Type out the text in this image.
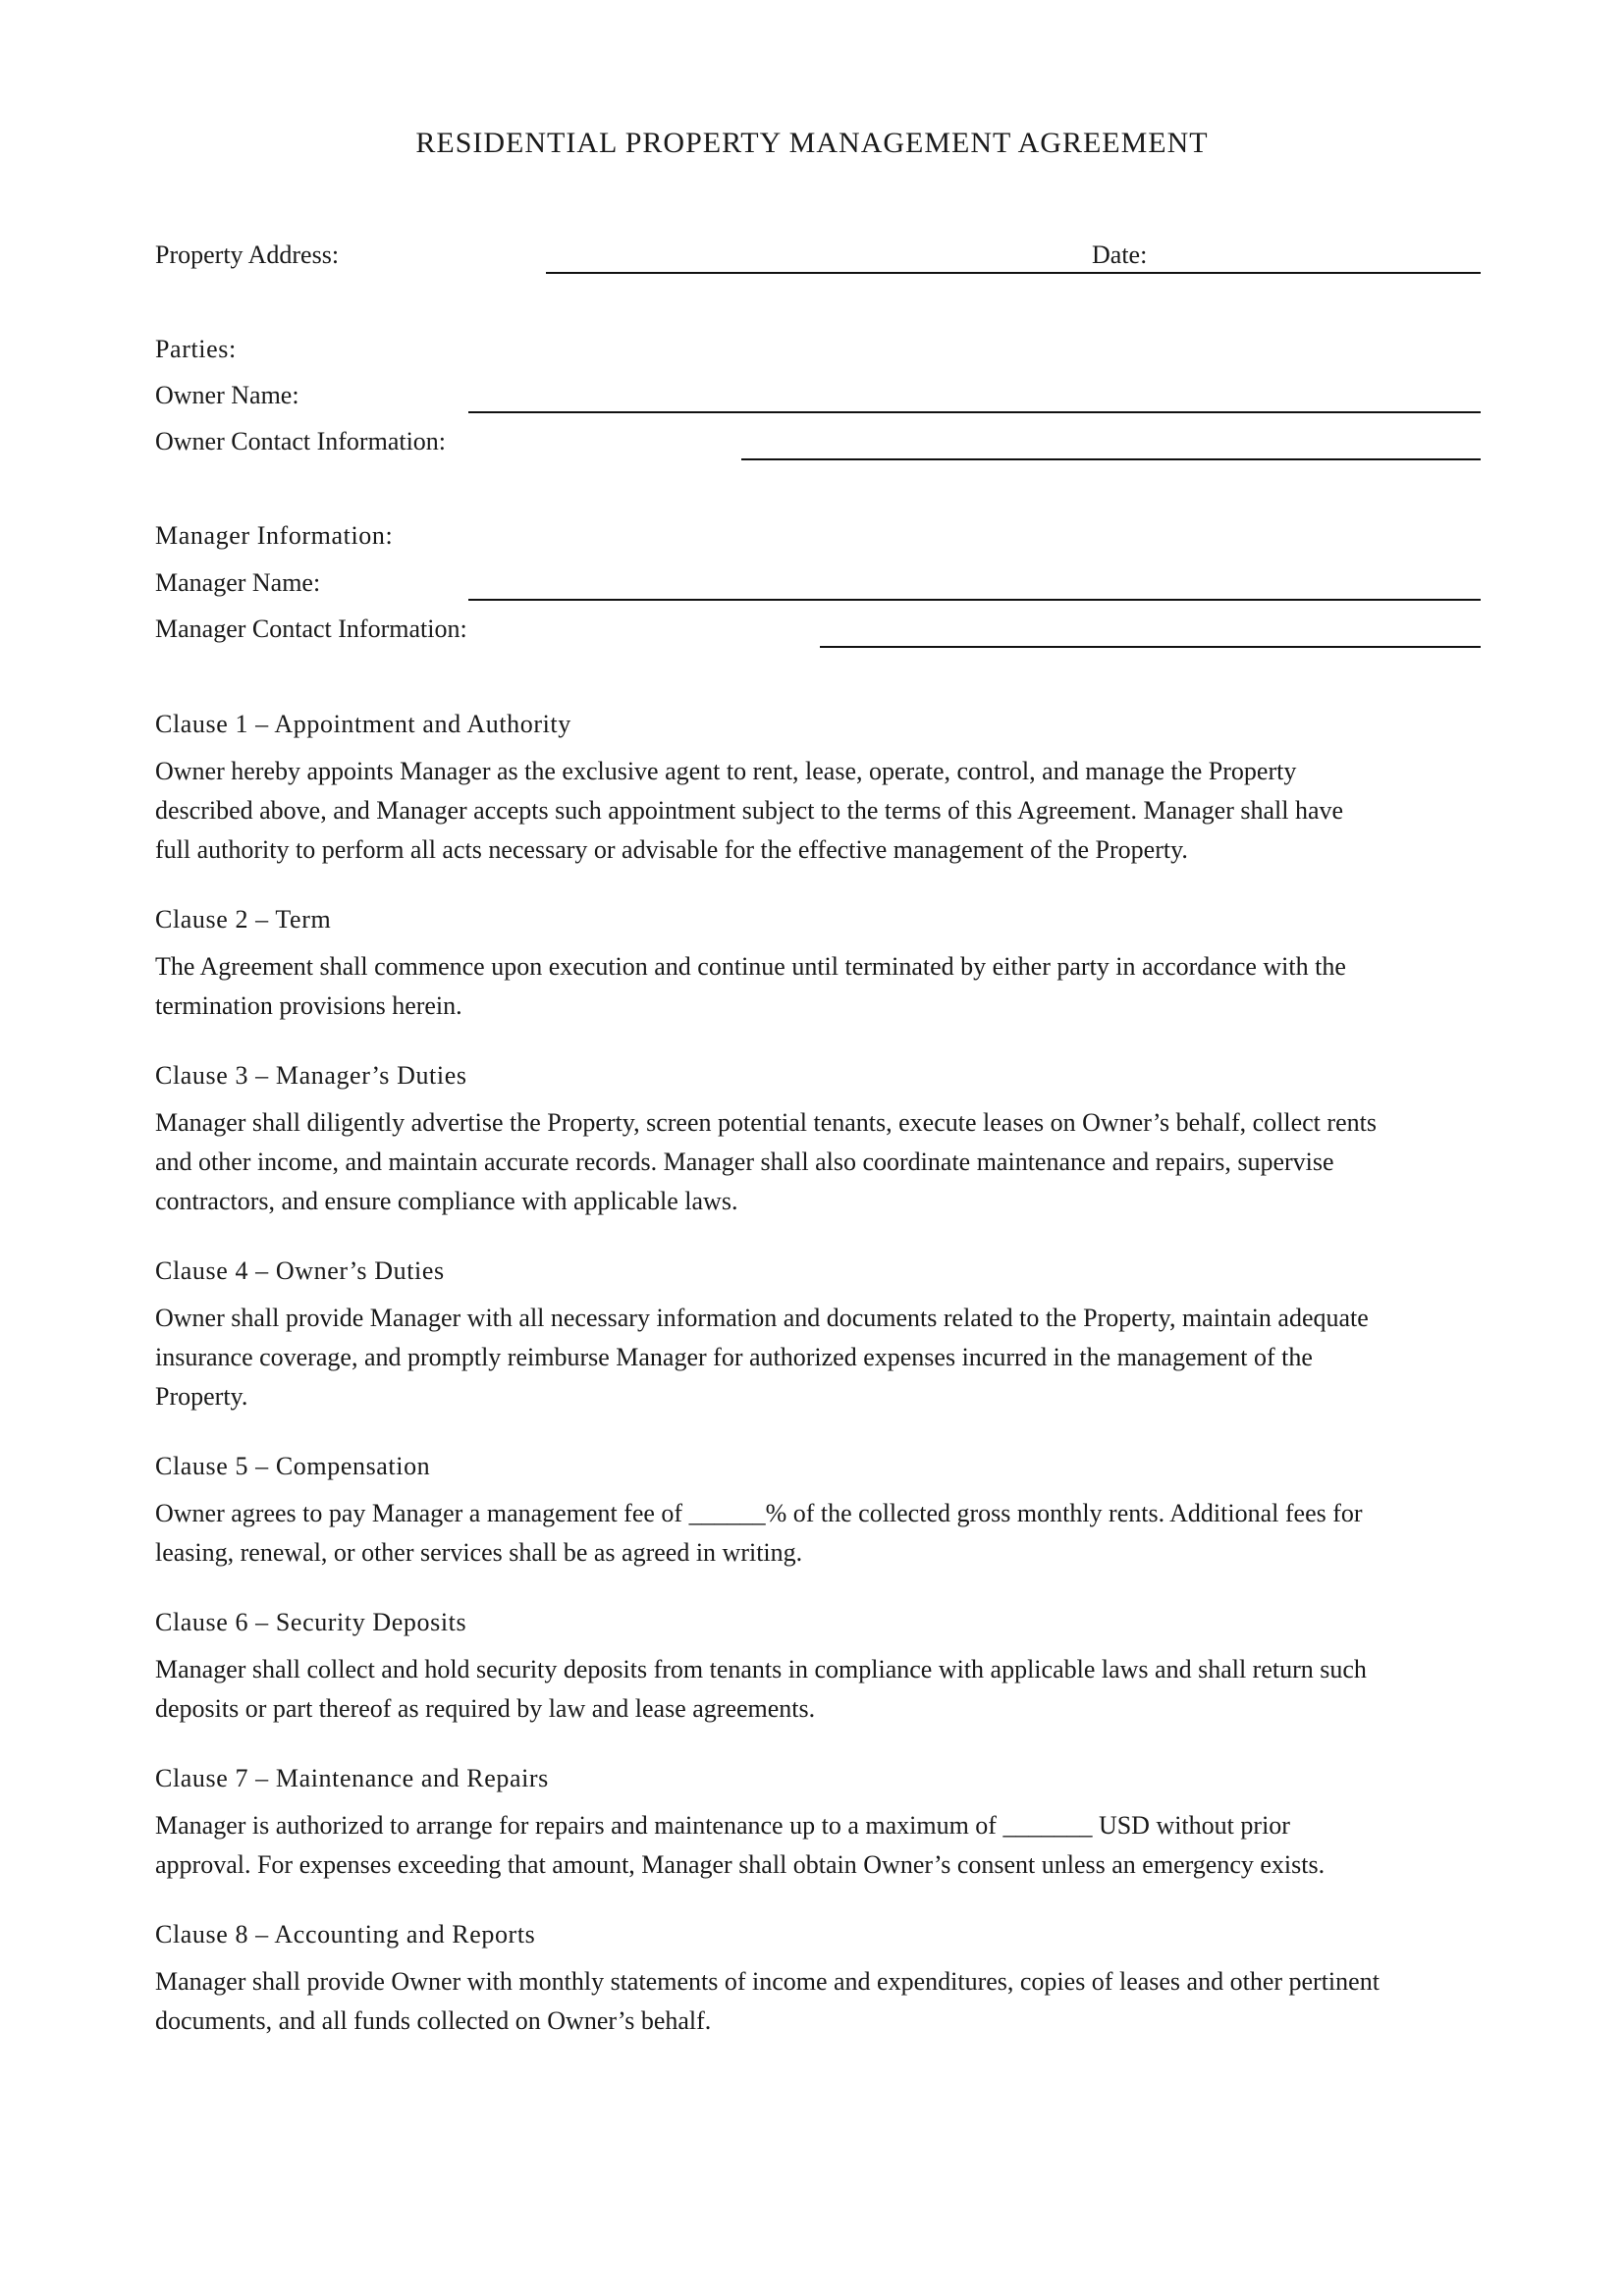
RESIDENTIAL PROPERTY MANAGEMENT AGREEMENT
Property Address:	Date:
Parties:
Owner Name:
Owner Contact Information:
Manager Information:
Manager Name:
Manager Contact Information:
Clause 1 – Appointment and Authority

Owner hereby appoints Manager as the exclusive agent to rent, lease, operate, control, and manage the Property
described above, and Manager accepts such appointment subject to the terms of this Agreement. Manager shall have
full authority to perform all acts necessary or advisable for the effective management of the Property.

Clause 2 – Term

The Agreement shall commence upon execution and continue until terminated by either party in accordance with the
termination provisions herein.

Clause 3 – Manager’s Duties

Manager shall diligently advertise the Property, screen potential tenants, execute leases on Owner’s behalf, collect rents
and other income, and maintain accurate records. Manager shall also coordinate maintenance and repairs, supervise
contractors, and ensure compliance with applicable laws.

Clause 4 – Owner’s Duties

Owner shall provide Manager with all necessary information and documents related to the Property, maintain adequate
insurance coverage, and promptly reimburse Manager for authorized expenses incurred in the management of the
Property.

Clause 5 – Compensation

Owner agrees to pay Manager a management fee of ______% of the collected gross monthly rents. Additional fees for
leasing, renewal, or other services shall be as agreed in writing.

Clause 6 – Security Deposits

Manager shall collect and hold security deposits from tenants in compliance with applicable laws and shall return such
deposits or part thereof as required by law and lease agreements.

Clause 7 – Maintenance and Repairs

Manager is authorized to arrange for repairs and maintenance up to a maximum of _______ USD without prior
approval. For expenses exceeding that amount, Manager shall obtain Owner’s consent unless an emergency exists.

Clause 8 – Accounting and Reports

Manager shall provide Owner with monthly statements of income and expenditures, copies of leases and other pertinent
documents, and all funds collected on Owner’s behalf.
